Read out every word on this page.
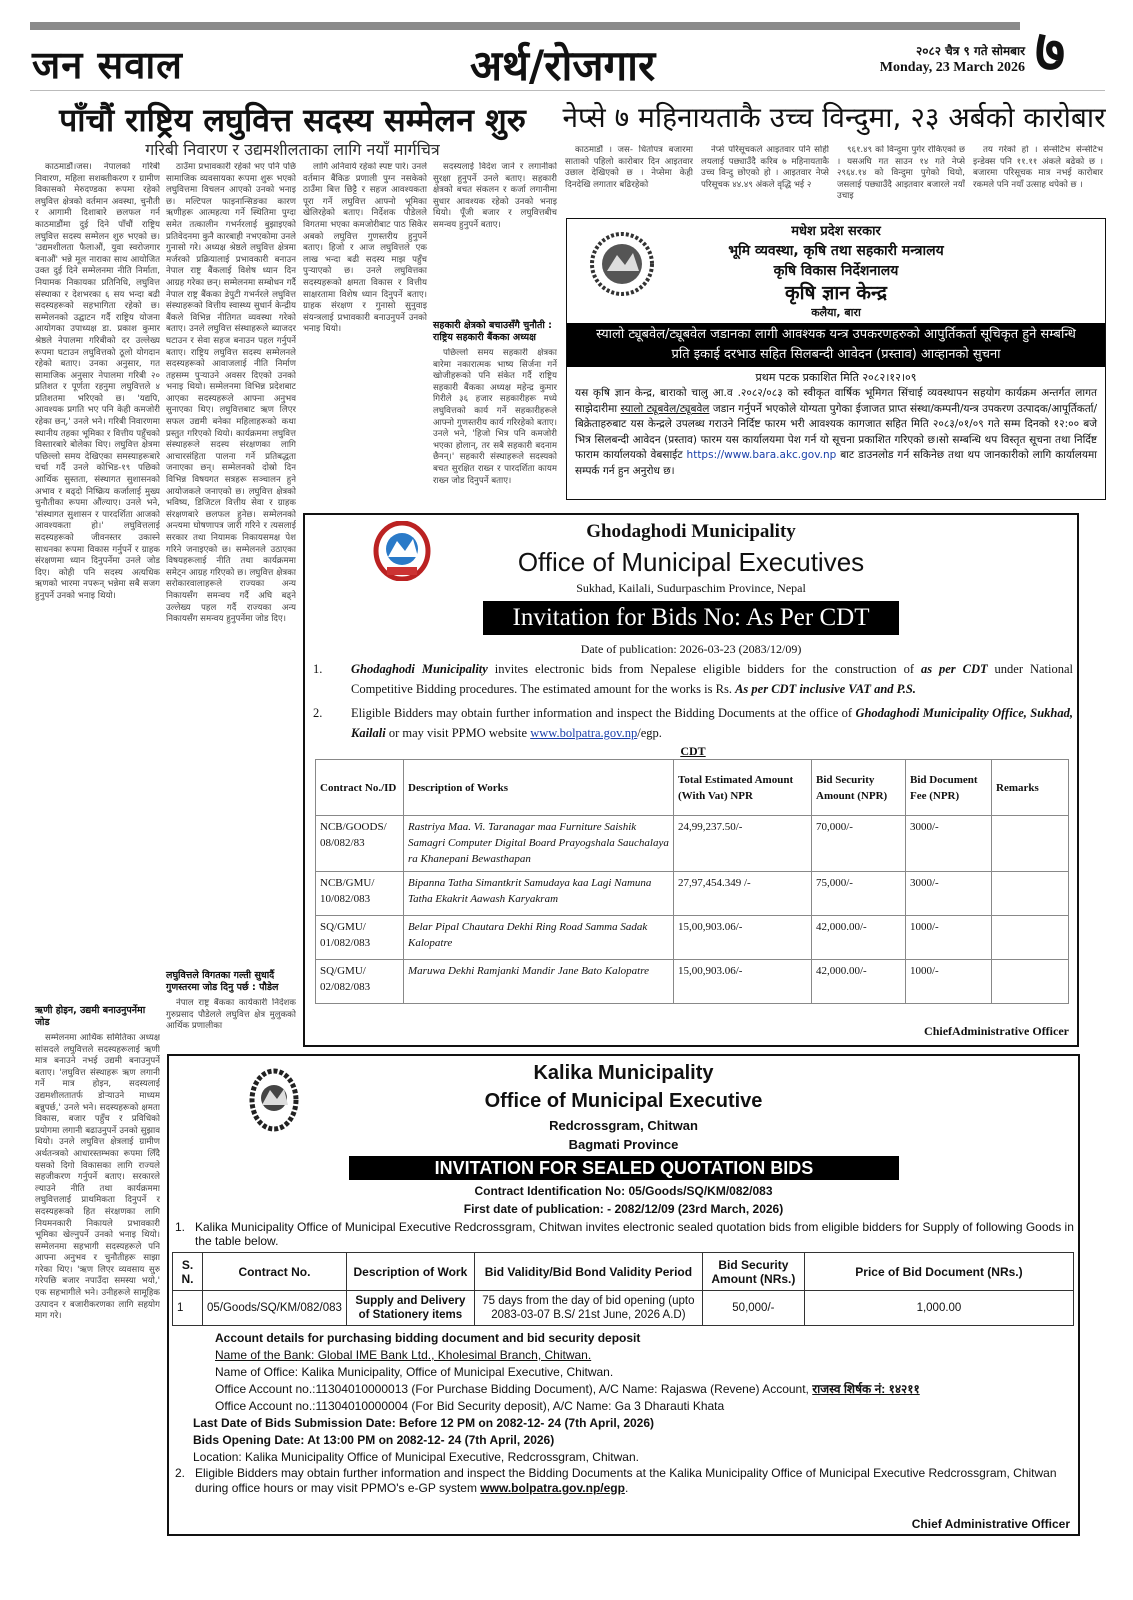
जन सवाल	अर्थ/रोजगार	२०८२ चैत्र ९ गते सोमबार
Monday, 23 March 2026 ७
पाँचौं राष्ट्रिय लघुवित्त सदस्य सम्मेलन शुरु
गरिबी निवारण र उद्यमशीलताका लागि नयाँ मार्गचित्र

काठमाडौं।जस। नेपालको गरिबी निवारण, महिला सशक्तीकरण र ग्रामीण विकासको मेरुदण्डका रूपमा रहेको लघुवित्त क्षेत्रको वर्तमान अवस्था, चुनौती र आगामी दिशाबारे छलफल गर्न काठमाडौंमा दुई दिने पाँचौं राष्ट्रिय लघुवित्त सदस्य सम्मेलन शुरु भएको छ। 'उद्यमशीलता फैलाऔं, युवा स्वरोजगार बनाऔं' भन्ने मूल नाराका साथ आयोजित उक्त दुई दिने सम्मेलनमा नीति निर्माता, नियामक निकायका प्रतिनिधि, लघुवित्त संस्थाका र देशभरका ६ सय भन्दा बढी सदस्यहरूको सहभागिता रहेको छ। सम्मेलनको उद्घाटन गर्दै राष्ट्रिय योजना आयोगका उपाध्यक्ष डा. प्रकाश कुमार श्रेष्ठले नेपालमा गरिबीको दर उल्लेख्य रूपमा घटाउन लघुवित्तको ठूलो योगदान रहेको बताए। उनका अनुसार, गत सामाजिक अनुसार नेपालमा गरिबी २० प्रतिशत र पूर्णता रहनुमा लघुवित्तले ४ प्रतिशतमा भरिएको छ। 'यद्यपि, आवश्यक प्रगति भए पनि केही कमजोरी रहेका छन्,' उनले भने। गरिबी निवारणमा स्थानीय तहका भूमिका र वित्तीय पहुँचको विस्तारबारे बोलेका थिए। लघुवित्त क्षेत्रमा पछिल्लो समय देखिएका समस्याहरूबारे चर्चा गर्दै उनले कोभिड-१९ पछिको आर्थिक सुस्तता, संस्थागत सुशासनको अभाव र बढ्दो निष्क्रिय कर्जालाई मुख्य चुनौतीका रूपमा औंल्याए। उनले भने, 'संस्थागत सुशासन र पारदर्शिता आजको आवश्यकता हो।' लघुवित्तलाई सदस्यहरूको जीवनस्तर उकास्ने साधनका रूपमा विकास गर्नुपर्ने र ग्राहक संरक्षणमा ध्यान दिनुपर्नेमा उनले जोड दिए। कोही पनि सदस्य अत्यधिक ऋणको भारमा नपरून् भन्नेमा सबै सजग हुनुपर्ने उनको भनाइ थियो।

ऋणी होइन, उद्यमी बनाउनुपर्नेमा जोड

सम्मेलनमा आर्थिक समितिका अध्यक्ष सांसदले लघुवित्तले सदस्यहरूलाई ऋणी मात्र बनाउने नभई उद्यमी बनाउनुपर्ने बताए। 'लघुवित्त संस्थाहरू ऋण लगानी गर्ने मात्र होइन, सदस्यलाई उद्यमशीलतातर्फ डोर्‍याउने माध्यम बन्नुपर्छ,' उनले भने। सदस्यहरूको क्षमता विकास, बजार पहुँच र प्रविधिको प्रयोगमा लगानी बढाउनुपर्ने उनको सुझाव थियो। उनले लघुवित्त क्षेत्रलाई ग्रामीण अर्थतन्त्रको आधारस्तम्भका रूपमा लिँदै यसको दिगो विकासका लागि राज्यले सहजीकरण गर्नुपर्ने बताए। सरकारले ल्याउने नीति तथा कार्यक्रममा लघुवित्तलाई प्राथमिकता दिनुपर्ने र सदस्यहरूको हित संरक्षणका लागि नियमनकारी निकायले प्रभावकारी भूमिका खेल्नुपर्ने उनको भनाइ थियो। सम्मेलनमा सहभागी सदस्यहरूले पनि आफ्ना अनुभव र चुनौतीहरू साझा गरेका थिए। 'ऋण लिएर व्यवसाय सुरु गरेपछि बजार नपाउँदा समस्या भयो,' एक सहभागीले भने। उनीहरूले सामूहिक उत्पादन र बजारीकरणका लागि सहयोग माग गरे।

ठाउँमा प्रभावकारी रहेको भए पनि पछि सामाजिक व्यवसायका रूपमा शुरू भएको लघुवित्तमा विचलन आएको उनको भनाइ छ। मल्टिपल फाइनान्सिङका कारण ऋणीहरू आत्महत्या गर्ने स्थितिमा पुग्दा समेत तत्कालीन गभर्नरलाई बुझाइएको प्रतिवेदनमा कुनै कारबाही नभएकोमा उनले गुनासो गरे। अध्यक्ष श्रेष्ठले लघुवित्त क्षेत्रमा मर्जरको प्रक्रियालाई प्रभावकारी बनाउन नेपाल राष्ट्र बैंकलाई विशेष ध्यान दिन आग्रह गरेका छन्। सम्मेलनमा सम्बोधन गर्दै नेपाल राष्ट्र बैंकका डेपुटी गभर्नरले लघुवित्त संस्थाहरूको वित्तीय स्वास्थ्य सुधार्न केन्द्रीय बैंकले विभिन्न नीतिगत व्यवस्था गरेको बताए। उनले लघुवित्त संस्थाहरूले ब्याजदर घटाउन र सेवा सहज बनाउन पहल गर्नुपर्ने बताए। राष्ट्रिय लघुवित्त सदस्य सम्मेलनले सदस्यहरूको आवाजलाई नीति निर्माण तहसम्म पुर्‍याउने अवसर दिएको उनको भनाइ थियो। सम्मेलनमा विभिन्न प्रदेशबाट आएका सदस्यहरूले आफ्ना अनुभव सुनाएका थिए। लघुवित्तबाट ऋण लिएर सफल उद्यमी बनेका महिलाहरूको कथा प्रस्तुत गरिएको थियो। कार्यक्रममा लघुवित्त संस्थाहरूले सदस्य संरक्षणका लागि आचारसंहिता पालना गर्ने प्रतिबद्धता जनाएका छन्। सम्मेलनको दोस्रो दिन विभिन्न विषयगत सत्रहरू सञ्चालन हुने आयोजकले जनाएको छ। लघुवित्त क्षेत्रको भविष्य, डिजिटल वित्तीय सेवा र ग्राहक संरक्षणबारे छलफल हुनेछ। सम्मेलनको अन्त्यमा घोषणापत्र जारी गरिने र त्यसलाई सरकार तथा नियामक निकायसमक्ष पेश गरिने जनाइएको छ। सम्मेलनले उठाएका विषयहरूलाई नीति तथा कार्यक्रममा समेट्न आग्रह गरिएको छ। लघुवित्त क्षेत्रका सरोकारवालाहरूले राज्यका अन्य निकायसँग समन्वय गर्दै अघि बढ्ने उल्लेख्य पहल गर्दै राज्यका अन्य निकायसँग समन्वय हुनुपर्नेमा जोड दिए।

लघुवित्तले विगतका गल्ती सुधार्दै गुणस्तरमा जोड दिनु पर्छ : पौडेल

नेपाल राष्ट्र बैंकका कार्यकारी निर्देशक गुरुप्रसाद पौडेलले लघुवित्त क्षेत्र मुलुकको आर्थिक प्रणालीका

लागि अनिवार्य रहेको स्पष्ट पारे। उनले वर्तमान बैंकिङ प्रणाली पुग्न नसकेको ठाउँमा बित्त छिट्टै र सहज आवश्यकता पूरा गर्ने लघुवित्त आफ्नो भूमिका खेलिरहेको बताए। निर्देशक पौडेलले विगतमा भएका कमजोरीबाट पाठ सिकेर अबको लघुवित्त गुणस्तरीय हुनुपर्ने बताए। हिजो र आज लघुवित्तले एक लाख भन्दा बढी सदस्य माझ पहुँच पुर्‍याएको छ। उनले लघुवित्तका सदस्यहरूको क्षमता विकास र वित्तीय साक्षरतामा विशेष ध्यान दिनुपर्ने बताए। ग्राहक संरक्षण र गुनासो सुनुवाइ संयन्त्रलाई प्रभावकारी बनाउनुपर्ने उनको भनाइ थियो।

सदस्यलाई विदेश जाने र लगानीको सुरक्षा हुनुपर्ने उनले बताए। सहकारी क्षेत्रको बचत संकलन र कर्जा लगानीमा सुधार आवश्यक रहेको उनको भनाइ थियो। पूँजी बजार र लघुवित्तबीच समन्वय हुनुपर्ने बताए।

सहकारी क्षेत्रको बचाउसँगै चुनौती : राष्ट्रिय सहकारी बैंकका अध्यक्ष

पछिल्लो समय सहकारी क्षेत्रका बारेमा नकारात्मक भाष्य सिर्जना गर्ने खोजीहरूको पनि संकेत गर्दै राष्ट्रिय सहकारी बैंकका अध्यक्ष महेन्द्र कुमार गिरीले ३६ हजार सहकारीहरू मध्ये लघुवित्तको कार्य गर्ने सहकारीहरूले आफ्नो गुणस्तरीय कार्य गरिरहेको बताए। उनले भने, 'हिजो भित्र पनि कमजोरी भएका होलान्, तर सबै सहकारी बदनाम छैनन्।' सहकारी संस्थाहरूले सदस्यको बचत सुरक्षित राख्न र पारदर्शिता कायम राख्न जोड दिनुपर्ने बताए।

नेप्से ७ महिनायताकै उच्च विन्दुमा, २३ अर्बको कारोबार

काठमाडौं । जस- धितोपत्र बजारमा साताको पहिलो कारोबार दिन आइतवार उछाल देखिएको छ । नेप्सेमा केही दिनदेखि लगातार बढिरहेको

नेप्से परिसूचकले आइतवार पनि सोही लयलाई पछ्याउँदै करिब ७ महिनायताकै उच्च विन्दु छोएको हो । आइतवार नेप्से परिसूचक ४४.४९ अंकले वृद्धि भई २

९६१.४९ को विन्दुमा पुगेर रोकिएको छ । यसअघि गत साउन १४ गते नेप्से २९६४.१४ को विन्दुमा पुगेको थियो, जसलाई पछ्याउँदै आइतवार बजारले नयाँ उचाइ

तय गरेको हो । सेन्सेटिभ सेन्सेटिभ इन्डेक्स पनि ११.११ अंकले बढेको छ । बजारमा परिसूचक मात्र नभई कारोबार रकमले पनि नयाँ उत्साह थपेको छ ।

मधेश प्रदेश सरकार
भूमि व्यवस्था, कृषि तथा सहकारी मन्त्रालय
कृषि विकास निर्देशनालय
कृषि ज्ञान केन्द्र
कलैया, बारा
स्यालो ट्यूबवेल/ट्यूबवेल जडानका लागी आवश्यक यन्त्र उपकरणहरुको आपुर्तिकर्ता सूचिकृत हुने सम्बन्धि प्रति इकाई दरभाउ सहित सिलबन्दी आवेदन (प्रस्ताव) आव्हानको सुचना
प्रथम पटक प्रकाशित मिति २०८२।१२।०९
यस कृषि ज्ञान केन्द्र, बाराको चालु आ.व .२०८२/०८३ को स्वीकृत वार्षिक भूमिगत सिंचाई व्यवस्थापन सहयोग कार्यक्रम अन्तर्गत लागत साझेदारीमा स्यालो ट्यूबवेल/ट्यूबवेल जडान गर्नुपर्ने भएकोले योग्यता पुगेका ईजाजत प्राप्त संस्था/कम्पनी/यन्त्र उपकरण उत्पादक/आपूर्तिकर्ता/बिक्रेताहरुबाट यस केन्द्रले उपलब्ध गराउने निर्दिष्ट फारम भरी आवश्यक कागजात सहित मिति २०८३/०१/०९ गते सम्म दिनको १२:०० बजे भित्र सिलबन्दी आवेदन (प्रस्ताव) फारम यस कार्यालयमा पेश गर्न यो सूचना प्रकाशित गरिएको छ।सो सम्बन्धि थप विस्तृत सूचना तथा निर्दिष्ट फाराम कार्यालयको वेबसाईट https://www.bara.akc.gov.np बाट डाउनलोड गर्न सकिनेछ तथा थप जानकारीको लागि कार्यालयमा सम्पर्क गर्न हुन अनुरोध छ।
Ghodaghodi Municipality
Office of Municipal Executives
Sukhad, Kailali, Sudurpaschim Province, Nepal
Invitation for Bids No: As Per CDT
Date of publication: 2026-03-23 (2083/12/09)
1. Ghodaghodi Municipality invites electronic bids from Nepalese eligible bidders for the construction of as per CDT under National Competitive Bidding procedures. The estimated amount for the works is Rs. As per CDT inclusive VAT and P.S.
2. Eligible Bidders may obtain further information and inspect the Bidding Documents at the office of Ghodaghodi Municipality Office, Sukhad, Kailali or may visit PPMO website www.bolpatra.gov.np/egp.
CDT
Contract No./ID	Description of Works	Total Estimated Amount (With Vat) NPR	Bid Security Amount (NPR)	Bid Document Fee (NPR)	Remarks
NCB/GOODS/ 08/082/83	Rastriya Maa. Vi. Taranagar maa Furniture Saishik Samagri Computer Digital Board Prayogshala Sauchalaya ra Khanepani Bewasthapan	24,99,237.50/-	70,000/-	3000/-	
NCB/GMU/ 10/082/083	Bipanna Tatha Simantkrit Samudaya kaa Lagi Namuna Tatha Ekakrit Aawash Karyakram	27,97,454.349 /-	75,000/-	3000/-	
SQ/GMU/ 01/082/083	Belar Pipal Chautara Dekhi Ring Road Samma Sadak Kalopatre	15,00,903.06/-	42,000.00/-	1000/-	
SQ/GMU/ 02/082/083	Maruwa Dekhi Ramjanki Mandir Jane Bato Kalopatre	15,00,903.06/-	42,000.00/-	1000/-	
ChiefAdministrative Officer
Kalika Municipality
Office of Municipal Executive
Redcrossgram, Chitwan
Bagmati Province
INVITATION FOR SEALED QUOTATION BIDS
Contract Identification No: 05/Goods/SQ/KM/082/083
First date of publication: - 2082/12/09 (23rd March, 2026)
1. Kalika Municipality Office of Municipal Executive Redcrossgram, Chitwan invites electronic sealed quotation bids from eligible bidders for Supply of following Goods in the table below.
S. N.	Contract No.	Description of Work	Bid Validity/Bid Bond Validity Period	Bid Security Amount (NRs.)	Price of Bid Document (NRs.)
1	05/Goods/SQ/KM/082/083	Supply and Delivery of Stationery items	75 days from the day of bid opening (upto 2083-03-07 B.S/ 21st June, 2026 A.D)	50,000/-	1,000.00
Account details for purchasing bidding document and bid security deposit
Name of the Bank: Global IME Bank Ltd., Kholesimal Branch, Chitwan.
Name of Office: Kalika Municipality, Office of Municipal Executive, Chitwan.
Office Account no.:11304010000013 (For Purchase Bidding Document), A/C Name: Rajaswa (Revene) Account, राजस्व शिर्षक नं: १४२११
Office Account no.:11304010000004 (For Bid Security deposit), A/C Name: Ga 3 Dharauti Khata
Last Date of Bids Submission Date: Before 12 PM on 2082-12- 24 (7th April, 2026)
Bids Opening Date: At 13:00 PM on 2082-12- 24 (7th April, 2026)
Location: Kalika Municipality Office of Municipal Executive, Redcrossgram, Chitwan.
2. Eligible Bidders may obtain further information and inspect the Bidding Documents at the Kalika Municipality Office of Municipal Executive Redcrossgram, Chitwan during office hours or may visit PPMO's e-GP system www.bolpatra.gov.np/egp.
Chief Administrative Officer
